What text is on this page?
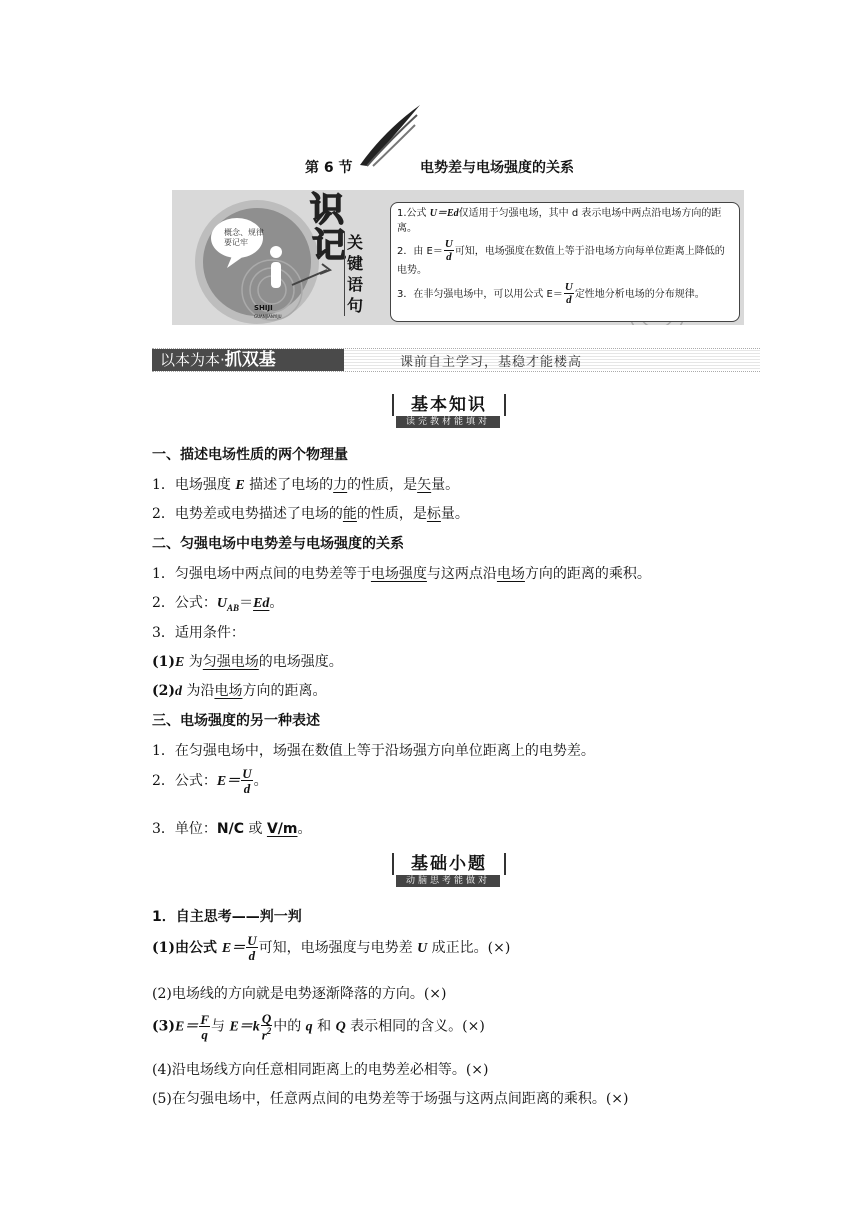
第 6 节	电势差与电场强度的关系
概念、规律
要记牢
SHIJI
GUANJIANYIJU
识
记 关
键
语
句
1.公式 U＝Ed仅适用于匀强电场，其中 d 表示电场中两点沿电场方向的距离。
2．由 $E= \frac{U}{d}$ 可知，电场强度在数值上等于沿电场方向每单位距离上降低的电势。
3．在非匀强电场中，可以用公式 $E= \frac{U}{d}$ 定性地分析电场的分布规律。
以本为本·抓双基	课前自主学习，基稳才能楼高
基本知识
读完教材能填对
一、描述电场性质的两个物理量
1．电场强度 E 描述了电场的力的性质，是矢量。
2．电势差或电势描述了电场的能的性质，是标量。
二、匀强电场中电势差与电场强度的关系
1．匀强电场中两点间的电势差等于电场强度与这两点沿电场方向的距离的乘积。
2．公式：$U_{AB}=Ed$。
3．适用条件：
(1)E 为匀强电场的电场强度。
(2)d 为沿电场方向的距离。
三、电场强度的另一种表述
1．在匀强电场中，场强在数值上等于沿场强方向单位距离上的电势差。
2．公式：$E= \frac{U}{d}$ 。
3．单位：N/C 或 V/m。
基础小题
动脑思考能做对
1．自主思考——判一判
(1)由公式 $E= \frac{U}{d}$ 可知，电场强度与电势差 U 成正比。(×)
(2)电场线的方向就是电势逐渐降落的方向。(×)
$(3)E= \frac{F}{q}$ 与 $E=k \frac{Q}{r^2}$ 中的 q 和 Q 表示相同的含义。(×)
(4)沿电场线方向任意相同距离上的电势差必相等。(×)
(5)在匀强电场中，任意两点间的电势差等于场强与这两点间距离的乘积。(×)
